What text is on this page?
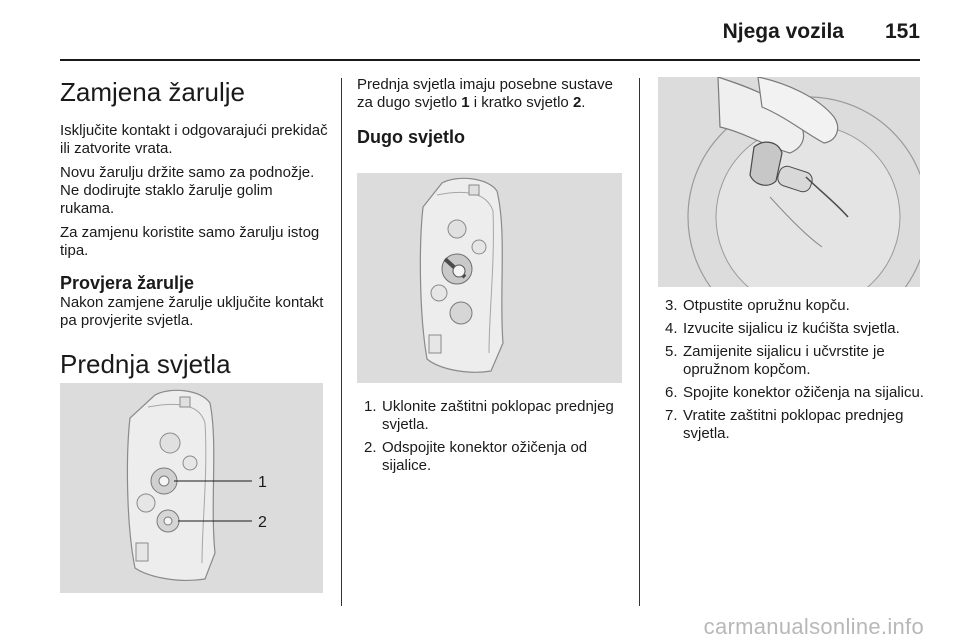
Njega vozila 151
Zamjena žarulje

Isključite kontakt i odgovarajući prekidač ili zatvorite vrata.

Novu žarulju držite samo za podnožje. Ne dodirujte staklo žarulje golim rukama.

Za zamjenu koristite samo žarulju istog tipa.

Provjera žarulje

Nakon zamjene žarulje uključite kontakt pa provjerite svjetla.

Prednja svjetla
1
2

Prednja svjetla imaju posebne sustave za dugo svjetlo 1 i kratko svjetlo 2.

Dugo svjetlo
1. Uklonite zaštitni poklopac prednjeg svjetla.
2. Odspojite konektor ožičenja od sijalice.
3. Otpustite opružnu kopču.
4. Izvucite sijalicu iz kućišta svjetla.
5. Zamijenite sijalicu i učvrstite je opružnom kopčom.
6. Spojite konektor ožičenja na sijalicu.
7. Vratite zaštitni poklopac prednjeg svjetla.
carmanualsonline.info
